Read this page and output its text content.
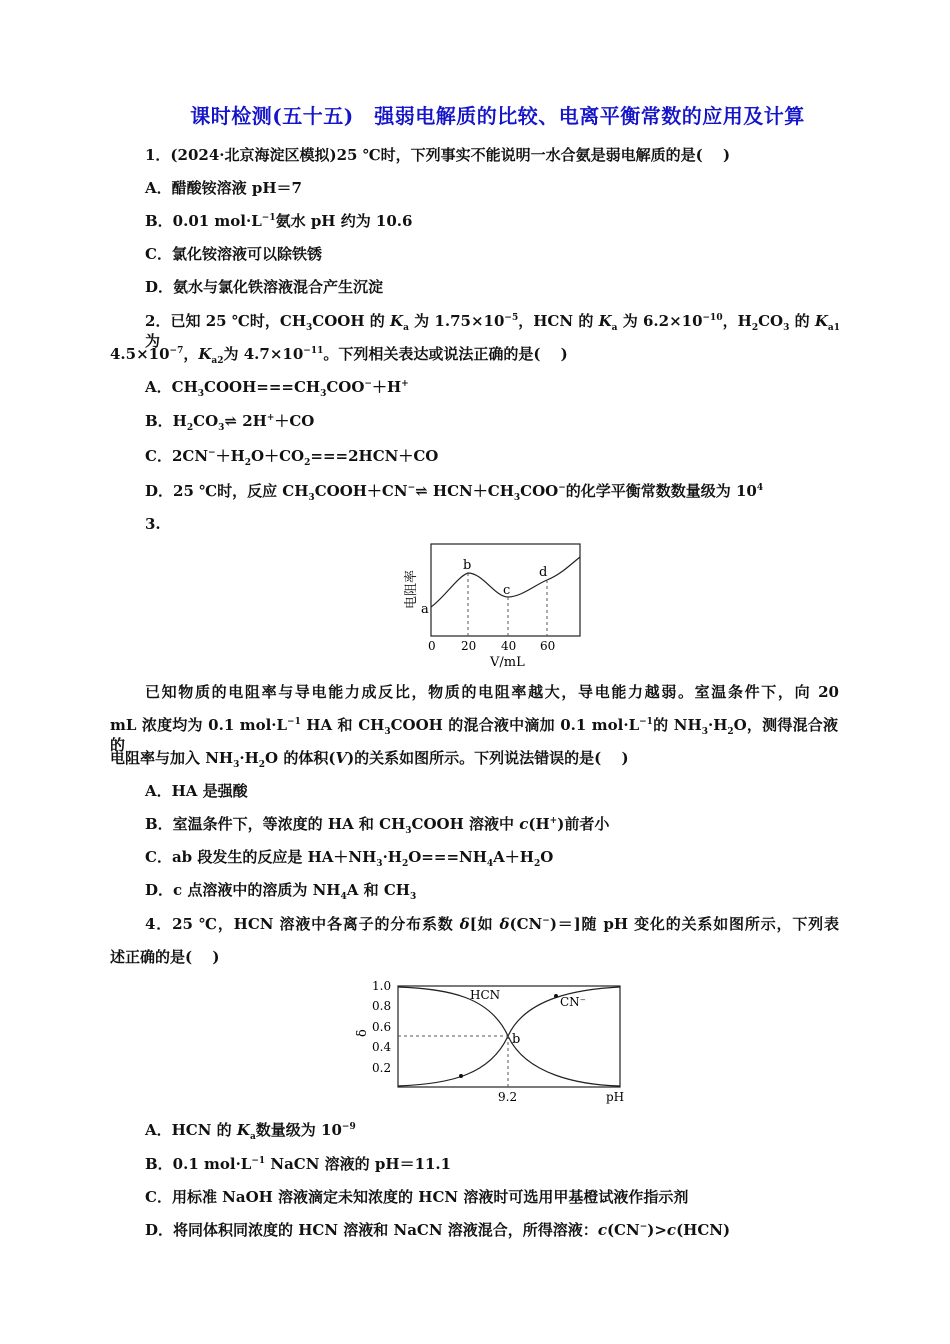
课时检测(五十五)　强弱电解质的比较、电离平衡常数的应用及计算
1．(2024·北京海淀区模拟)25 ℃时，下列事实不能说明一水合氨是弱电解质的是(　 )
A．醋酸铵溶液 pH＝7
B．0.01 $mol\cdot L^{-1}$氨水 pH 约为 10.6
C．氯化铵溶液可以除铁锈
D．氨水与氯化铁溶液混合产生沉淀
2．已知 25 ℃时，$CH_3COOH$ 的 $K_a$ 为 $1.75\times 10^{-5}$，HCN 的 $K_a$ 为 $6.2\times 10^{-10}$，$H_2CO_3$ 的 $K_{a1}$ 为
$4.5\times 10^{-7}$，$K_{a2}$为 $4.7\times 10^{-11}$。下列相关表达或说法正确的是(　 )
A．$CH_3COOH===CH_3COO^-+H^+$
B．$H_2CO_3\rightleftharpoons$ 2H+＋CO
C．$2CN^-+H_2O+CO_2===2HCN+CO$
D．25 ℃时，反应 $CH_3COOH+CN^-\rightleftharpoons$ $HCN+CH_3COO^-$的化学平衡常数数量级为 $10^4$
3.
a
b
c
d
电阻率
0 20 40 60
V/mL
已知物质的电阻率与导电能力成反比，物质的电阻率越大，导电能力越弱。室温条件下，向 20
mL 浓度均为 0.1 $mol\cdot L^{-1}$ HA 和 $CH_3COOH$ 的混合液中滴加 0.1 $mol\cdot L^{-1}$的 $NH_3\cdot H_2O$，测得混合液的
电阻率与加入 $NH_3\cdot H_2O$ 的体积(V)的关系如图所示。下列说法错误的是(　 )
A．HA 是强酸
B．室温条件下，等浓度的 HA 和 $CH_3COOH$ 溶液中 c(H+)前者小
C．ab 段发生的反应是 $HA+NH_3\cdot H_2O===NH_4A+H_2O$
D．c 点溶液中的溶质为 $NH_4A$ 和 $CH_3$
4．25 ℃，HCN 溶液中各离子的分布系数 δ[如 δ(CN−)＝]随 pH 变化的关系如图所示，下列表
述正确的是(　 )
1.0
0.8
0.6
0.4
0.2
δ
HCN	CN⁻
b
9.2	pH
A．HCN 的 $K_a$数量级为 $10^{-9}$
B．0.1 $mol\cdot L^{-1}$ NaCN 溶液的 pH＝11.1
C．用标准 NaOH 溶液滴定未知浓度的 HCN 溶液时可选用甲基橙试液作指示剂
D．将同体积同浓度的 HCN 溶液和 NaCN 溶液混合，所得溶液：c(CN−)>c(HCN)
